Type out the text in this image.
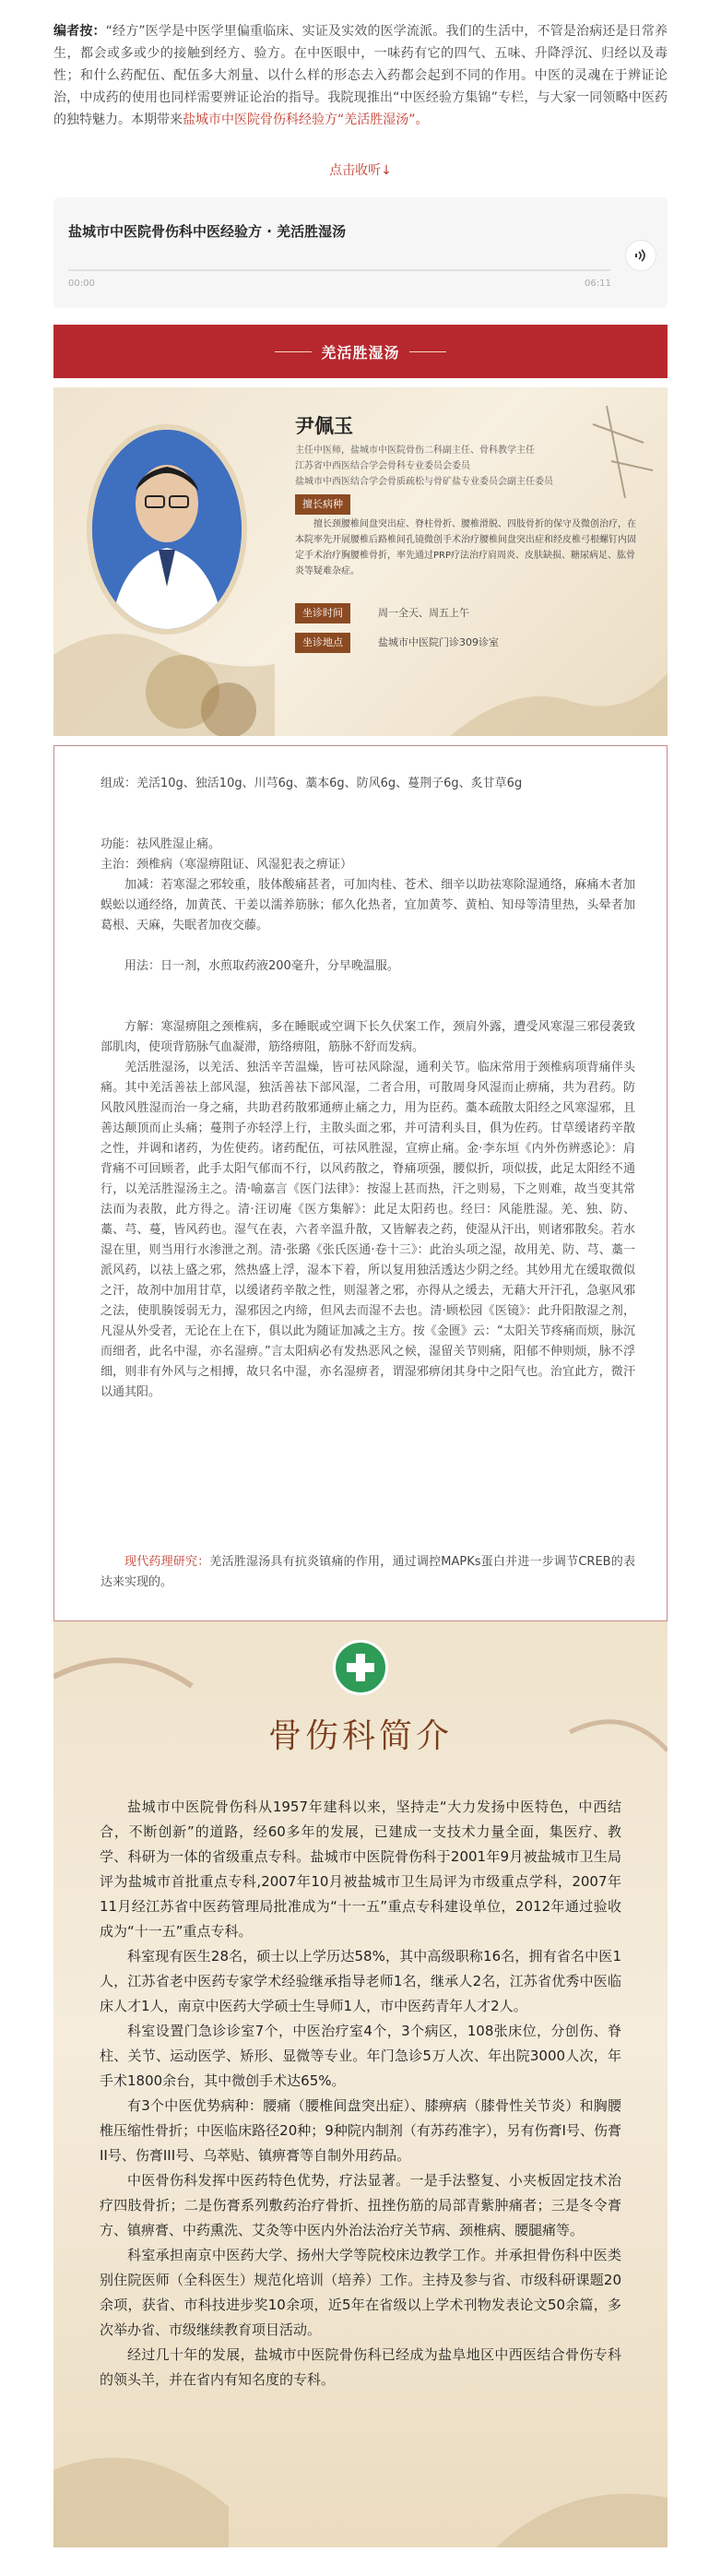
编者按：“经方”医学是中医学里偏重临床、实证及实效的医学流派。我们的生活中，不管是治病还是日常养生，都会或多或少的接触到经方、验方。在中医眼中，一味药有它的四气、五味、升降浮沉、归经以及毒性；和什么药配伍、配伍多大剂量、以什么样的形态去入药都会起到不同的作用。中医的灵魂在于辨证论治，中成药的使用也同样需要辨证论治的指导。我院现推出“中医经验方集锦”专栏，与大家一同领略中医药的独特魅力。本期带来盐城市中医院骨伤科经验方“羌活胜湿汤”。
点击收听↓
盐城市中医院骨伤科中医经验方 · 羌活胜湿汤
00:00	06:11
羌活胜湿汤
尹佩玉
主任中医师，盐城市中医院骨伤二科副主任、骨科教学主任
江苏省中西医结合学会骨科专业委员会委员
盐城市中西医结合学会骨质疏松与骨矿盐专业委员会副主任委员
擅长病种
擅长颈腰椎间盘突出症、脊柱骨折、腰椎滑脱、四肢骨折的保守及微创治疗，在本院率先开展腰椎后路椎间孔镜微创手术治疗腰椎间盘突出症和经皮椎弓根螺钉内固定手术治疗胸腰椎骨折，率先通过PRP疗法治疗肩周炎、皮肤缺损、糖尿病足、肱骨炎等疑难杂症。
坐诊时间	周一全天、周五上午
坐诊地点	盐城市中医院门诊309诊室
组成：羌活10g、独活10g、川芎6g、藁本6g、防风6g、蔓荆子6g、炙甘草6g
功能：祛风胜湿止痛。
主治：颈椎病（寒湿痹阻证、风湿犯表之痹证）
加减：若寒湿之邪较重，肢体酸痛甚者，可加肉桂、苍术、细辛以助祛寒除湿通络，麻痛木者加蜈蚣以通经络，加黄芪、干姜以濡养筋脉；郁久化热者，宜加黄芩、黄柏、知母等清里热，头晕者加葛根、天麻，失眠者加夜交藤。
用法：日一剂，水煎取药液200毫升，分早晚温服。
方解：寒湿痹阻之颈椎病，多在睡眠或空调下长久伏案工作，颈肩外露，遭受风寒湿三邪侵袭致部肌肉，使项背筋脉气血凝滞，筋络痹阻，筋脉不舒而发病。
　　羌活胜湿汤，以羌活、独活辛苦温燥，皆可祛风除湿，通利关节。临床常用于颈椎病项背痛伴头痛。其中羌活善祛上部风湿，独活善祛下部风湿，二者合用，可散周身风湿而止痹痛，共为君药。防风散风胜湿而治一身之痛，共助君药散邪通痹止痛之力，用为臣药。藁本疏散太阳经之风寒湿邪，且善达颠顶而止头痛；蔓荆子亦轻浮上行，主散头面之邪，并可清利头目，俱为佐药。甘草缓诸药辛散之性，并调和诸药，为佐使药。诸药配伍，可祛风胜湿，宣痹止痛。金·李东垣《内外伤辨惑论》：肩背痛不可回顾者，此手太阳气郁而不行，以风药散之，脊痛项强，腰似折，项似拔，此足太阳经不通行，以羌活胜湿汤主之。清·喻嘉言《医门法律》：按湿上甚而热，汗之则易，下之则难，故当变其常法而为表散，此方得之。清·汪讱庵《医方集解》：此足太阳药也。经曰：风能胜湿。羌、独、防、藁、芎、蔓，皆风药也。湿气在表，六者辛温升散，又皆解表之药，使湿从汗出，则诸邪散矣。若水湿在里，则当用行水渗泄之剂。清·张璐《张氏医通·卷十三》：此治头项之湿，故用羌、防、芎、藁一派风药，以祛上盛之邪，然热盛上浮，湿本下着，所以复用独活透达少阴之经。其妙用尤在缓取微似之汗，故剂中加用甘草，以缓诸药辛散之性，则湿著之邪，亦得从之缓去，无藉大开汗孔，急驱风邪之法，使肌腠馁弱无力，湿邪因之内缔，但风去而湿不去也。清·顾松园《医镜》：此升阳散湿之剂，凡湿从外受者，无论在上在下，俱以此为随证加减之主方。按《金匮》云：“太阳关节疼痛而烦，脉沉而细者，此名中湿，亦名湿痹。”言太阳病必有发热恶风之候，湿留关节则痛，阳郁不伸则烦，脉不浮细，则非有外风与之相搏，故只名中湿，亦名湿痹者，谓湿邪痹闭其身中之阳气也。治宜此方，微汗以通其阳。
现代药理研究：羌活胜湿汤具有抗炎镇痛的作用，通过调控MAPKs蛋白并进一步调节CREB的表达来实现的。
骨伤科简介

盐城市中医院骨伤科从1957年建科以来，坚持走“大力发扬中医特色，中西结合，不断创新”的道路，经60多年的发展，已建成一支技术力量全面，集医疗、教学、科研为一体的省级重点专科。盐城市中医院骨伤科于2001年9月被盐城市卫生局评为盐城市首批重点专科,2007年10月被盐城市卫生局评为市级重点学科，2007年11月经江苏省中医药管理局批准成为“十一五”重点专科建设单位，2012年通过验收成为“十一五”重点专科。

科室现有医生28名，硕士以上学历达58%，其中高级职称16名，拥有省名中医1人，江苏省老中医药专家学术经验继承指导老师1名，继承人2名，江苏省优秀中医临床人才1人，南京中医药大学硕士生导师1人，市中医药青年人才2人。

科室设置门急诊诊室7个，中医治疗室4个，3个病区，108张床位，分创伤、脊柱、关节、运动医学、矫形、显微等专业。年门急诊5万人次、年出院3000人次，年手术1800余台，其中微创手术达65%。

有3个中医优势病种：腰痛（腰椎间盘突出症）、膝痹病（膝骨性关节炎）和胸腰椎压缩性骨折；中医临床路径20种；9种院内制剂（有苏药准字），另有伤膏I号、伤膏II号、伤膏III号、乌萃贴、镇痹膏等自制外用药品。

中医骨伤科发挥中医药特色优势，疗法显著。一是手法整复、小夹板固定技术治疗四肢骨折；二是伤膏系列敷药治疗骨折、扭挫伤筋的局部青紫肿痛者；三是冬令膏方、镇痹膏、中药熏洗、艾灸等中医内外治法治疗关节病、颈椎病、腰腿痛等。

科室承担南京中医药大学、扬州大学等院校床边教学工作。并承担骨伤科中医类别住院医师（全科医生）规范化培训（培养）工作。主持及参与省、市级科研课题20余项，获省、市科技进步奖10余项，近5年在省级以上学术刊物发表论文50余篇，多次举办省、市级继续教育项目活动。

经过几十年的发展，盐城市中医院骨伤科已经成为盐阜地区中西医结合骨伤专科的领头羊，并在省内有知名度的专科。
